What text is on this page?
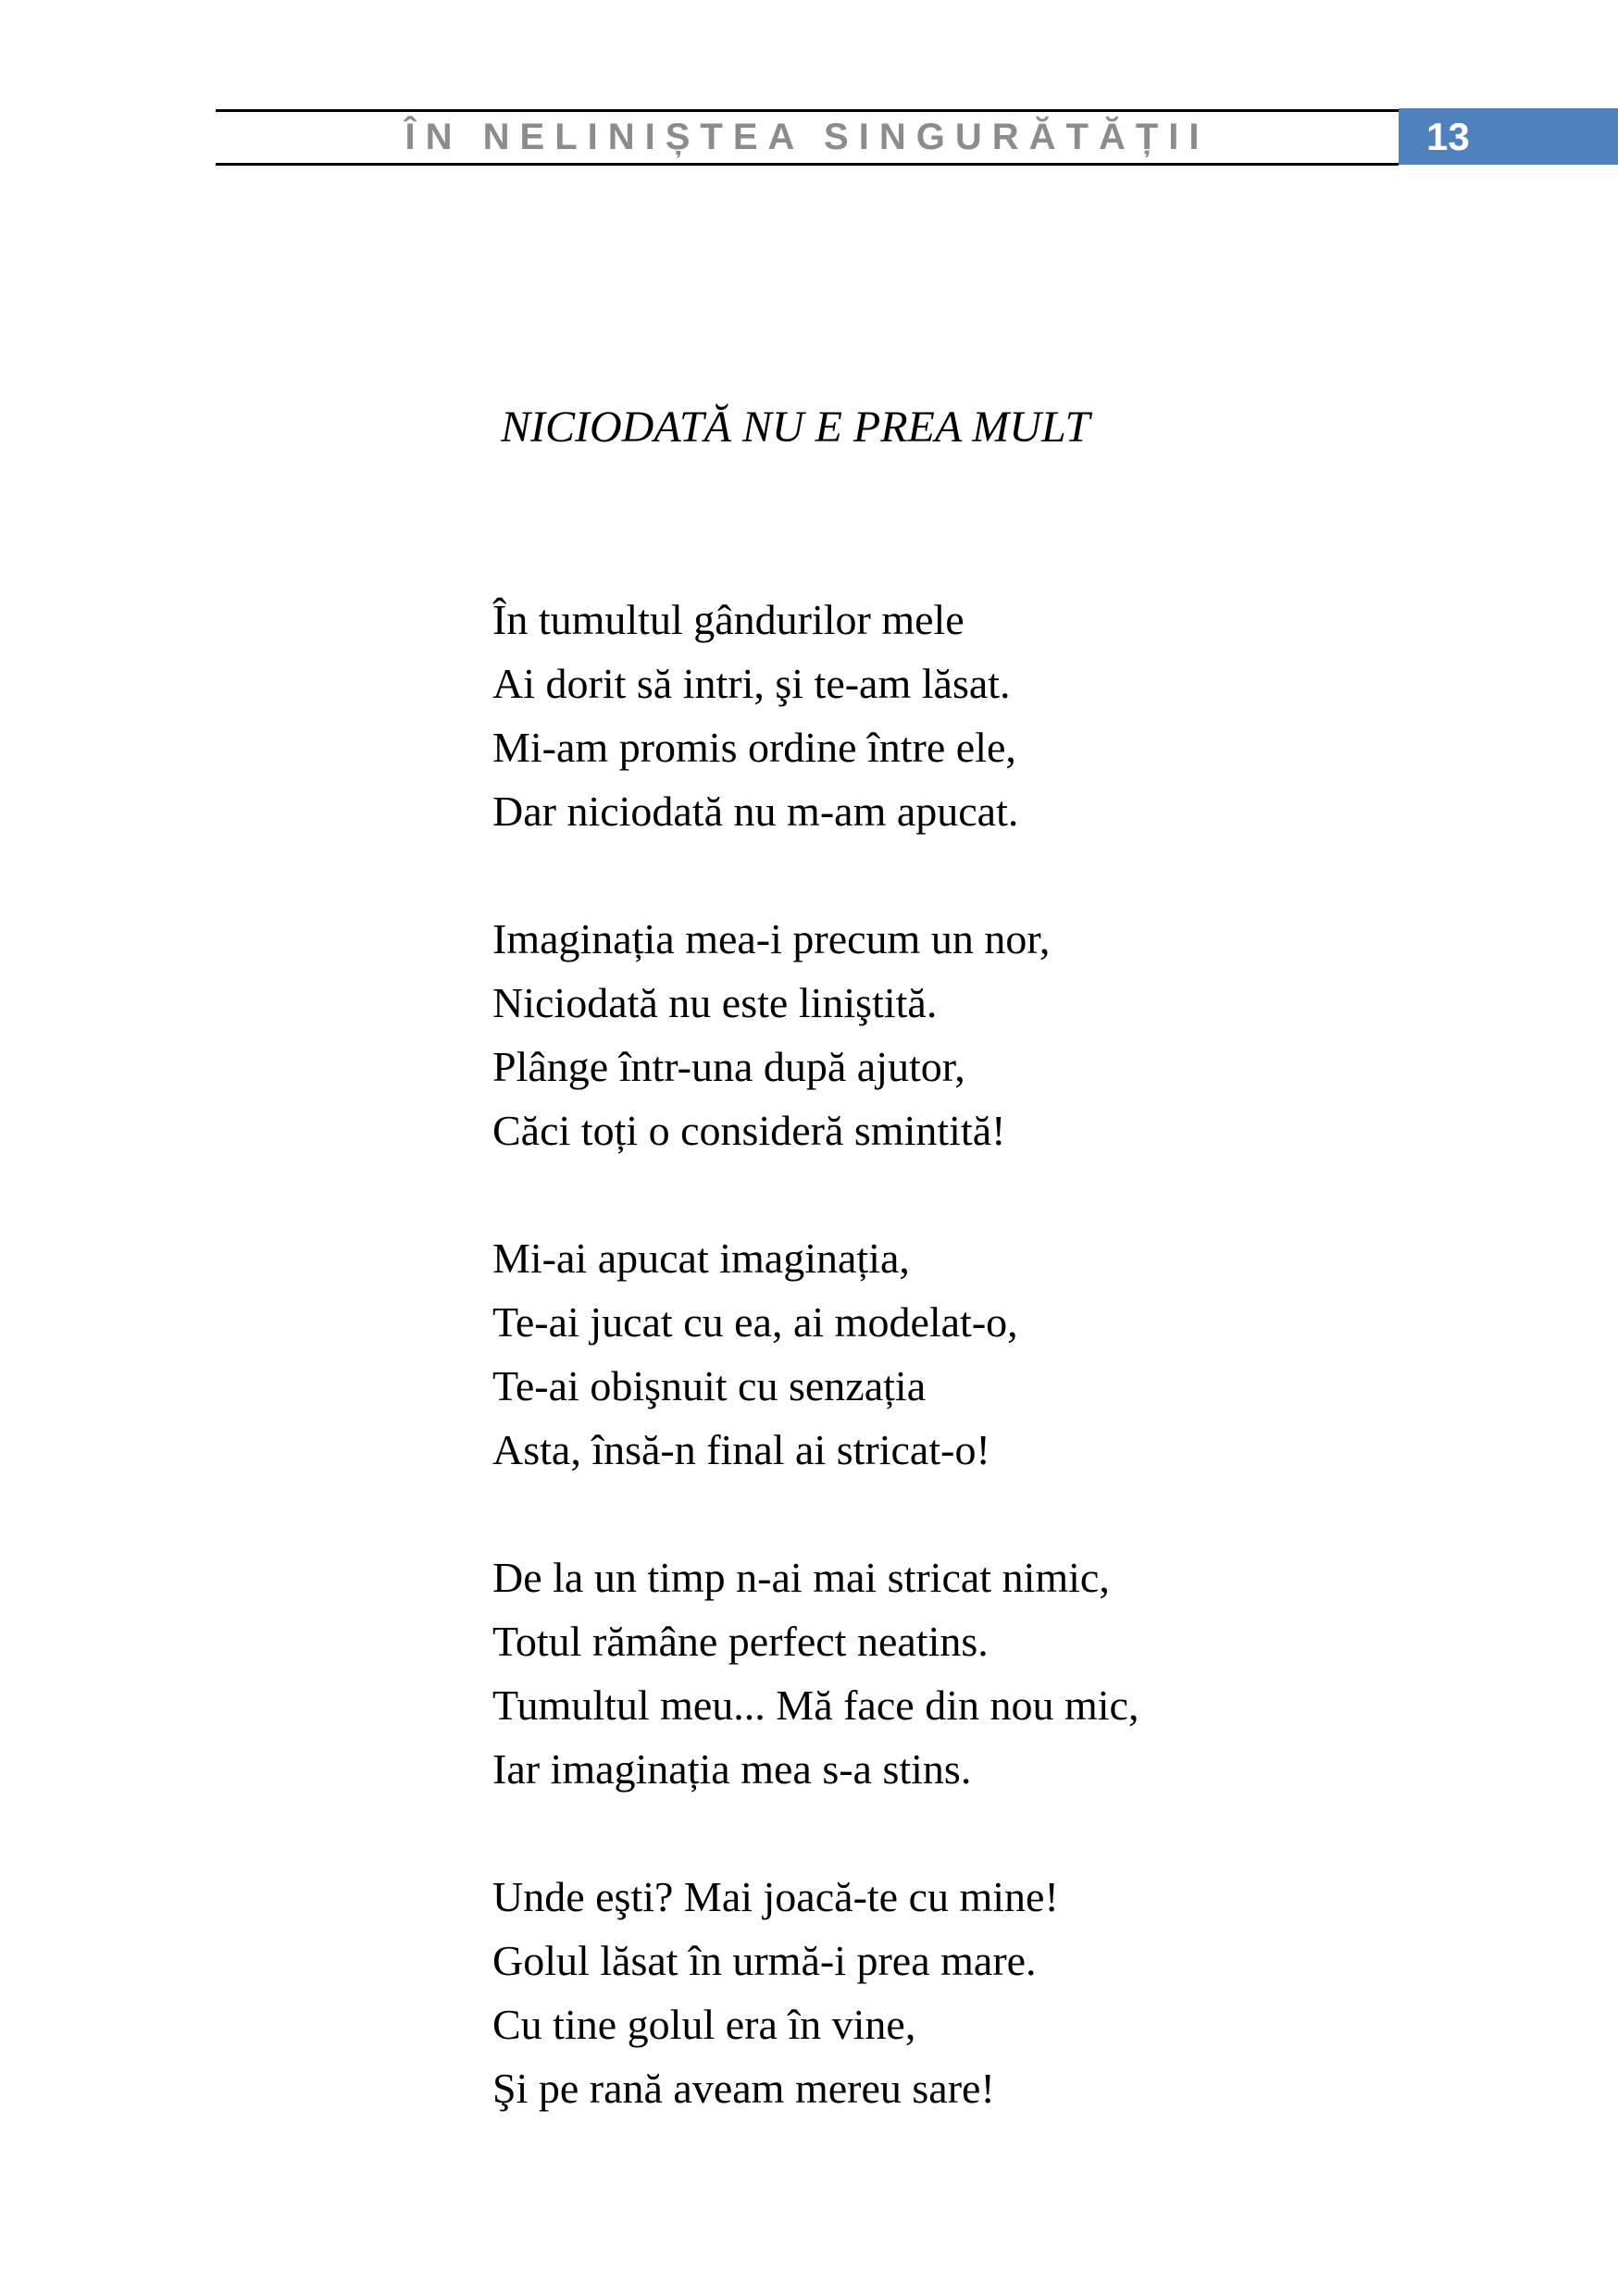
ÎN NELINIȘTEA SINGURĂTĂȚII	13
NICIODATĂ NU E PREA MULT
În tumultul gândurilor mele
Ai dorit să intri, şi te-am lăsat.
Mi-am promis ordine între ele,
Dar niciodată nu m-am apucat.
Imaginația mea-i precum un nor,
Niciodată nu este liniştită.
Plânge într-una după ajutor,
Căci toți o consideră smintită!
Mi-ai apucat imaginația,
Te-ai jucat cu ea, ai modelat-o,
Te-ai obişnuit cu senzația
Asta, însă-n final ai stricat-o!
De la un timp n-ai mai stricat nimic,
Totul rămâne perfect neatins.
Tumultul meu... Mă face din nou mic,
Iar imaginația mea s-a stins.
Unde eşti? Mai joacă-te cu mine!
Golul lăsat în urmă-i prea mare.
Cu tine golul era în vine,
Şi pe rană aveam mereu sare!
